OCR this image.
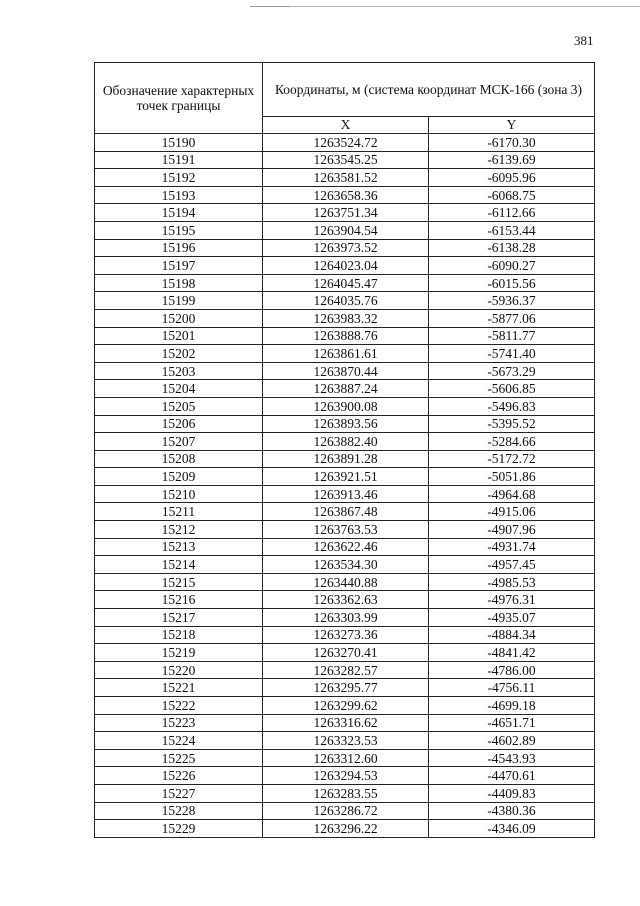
381
Обозначение характерных точек границы	Координаты, м (система координат МСК-166 (зона 3)	
	X	Y
15190	1263524.72	-6170.30
15191	1263545.25	-6139.69
15192	1263581.52	-6095.96
15193	1263658.36	-6068.75
15194	1263751.34	-6112.66
15195	1263904.54	-6153.44
15196	1263973.52	-6138.28
15197	1264023.04	-6090.27
15198	1264045.47	-6015.56
15199	1264035.76	-5936.37
15200	1263983.32	-5877.06
15201	1263888.76	-5811.77
15202	1263861.61	-5741.40
15203	1263870.44	-5673.29
15204	1263887.24	-5606.85
15205	1263900.08	-5496.83
15206	1263893.56	-5395.52
15207	1263882.40	-5284.66
15208	1263891.28	-5172.72
15209	1263921.51	-5051.86
15210	1263913.46	-4964.68
15211	1263867.48	-4915.06
15212	1263763.53	-4907.96
15213	1263622.46	-4931.74
15214	1263534.30	-4957.45
15215	1263440.88	-4985.53
15216	1263362.63	-4976.31
15217	1263303.99	-4935.07
15218	1263273.36	-4884.34
15219	1263270.41	-4841.42
15220	1263282.57	-4786.00
15221	1263295.77	-4756.11
15222	1263299.62	-4699.18
15223	1263316.62	-4651.71
15224	1263323.53	-4602.89
15225	1263312.60	-4543.93
15226	1263294.53	-4470.61
15227	1263283.55	-4409.83
15228	1263286.72	-4380.36
15229	1263296.22	-4346.09
